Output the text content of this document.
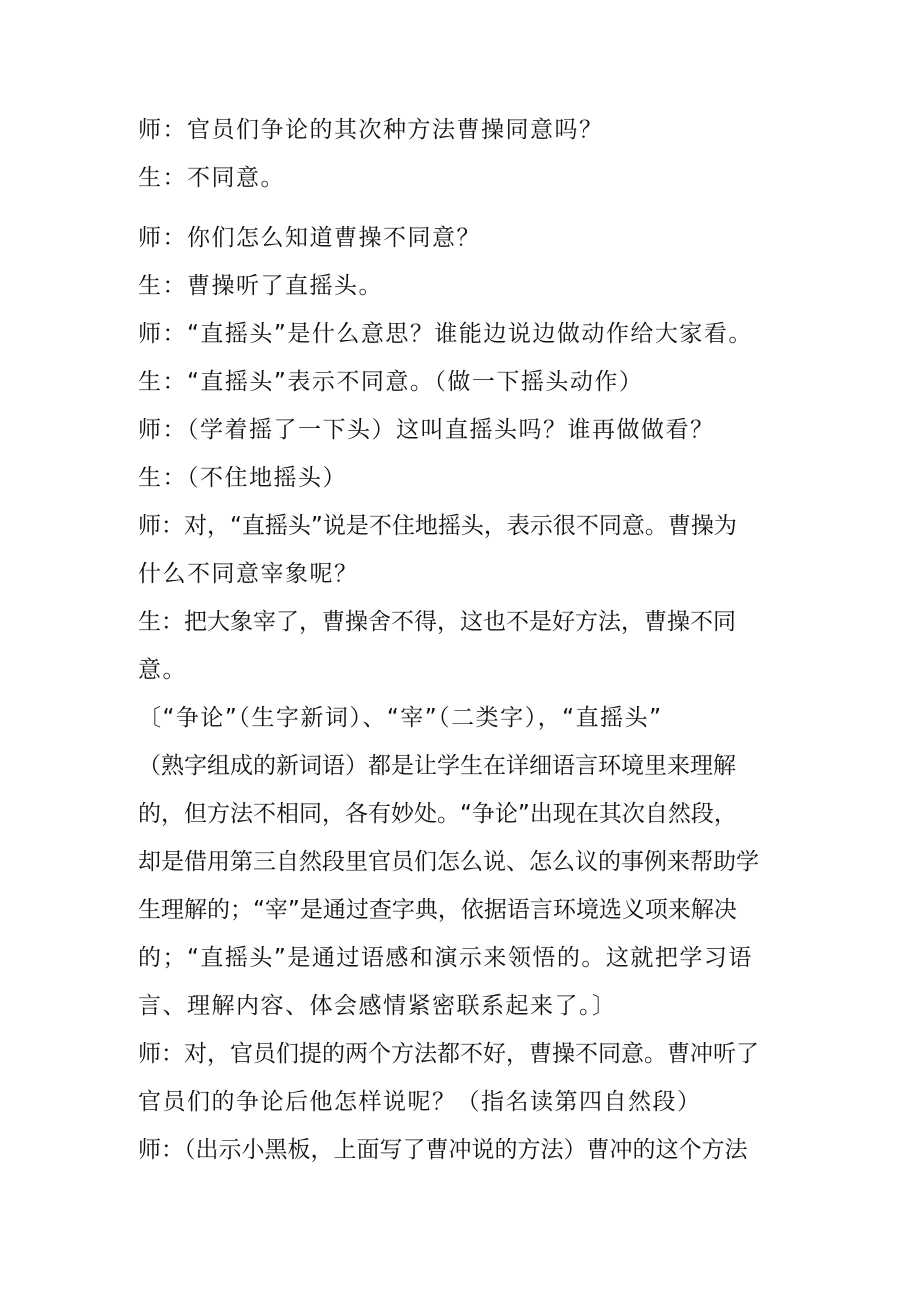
师：官员们争论的其次种方法曹操同意吗？
生：不同意。
师：你们怎么知道曹操不同意？
生：曹操听了直摇头。
师：“直摇头”是什么意思？谁能边说边做动作给大家看。
生：“直摇头”表示不同意。（做一下摇头动作）
师：（学着摇了一下头）这叫直摇头吗？谁再做做看？
生：（不住地摇头）
师：对，“直摇头”说是不住地摇头，表示很不同意。曹操为
什么不同意宰象呢？
生：把大象宰了，曹操舍不得，这也不是好方法，曹操不同
意。
〔“争论”（生字新词）、“宰”（二类字），“直摇头”
（熟字组成的新词语）都是让学生在详细语言环境里来理解
的，但方法不相同，各有妙处。“争论”出现在其次自然段，
却是借用第三自然段里官员们怎么说、怎么议的事例来帮助学
生理解的；“宰”是通过查字典，依据语言环境选义项来解决
的；“直摇头”是通过语感和演示来领悟的。这就把学习语
言、理解内容、体会感情紧密联系起来了。〕
师：对，官员们提的两个方法都不好，曹操不同意。曹冲听了
官员们的争论后他怎样说呢？（指名读第四自然段）
师：（出示小黑板，上面写了曹冲说的方法）曹冲的这个方法
